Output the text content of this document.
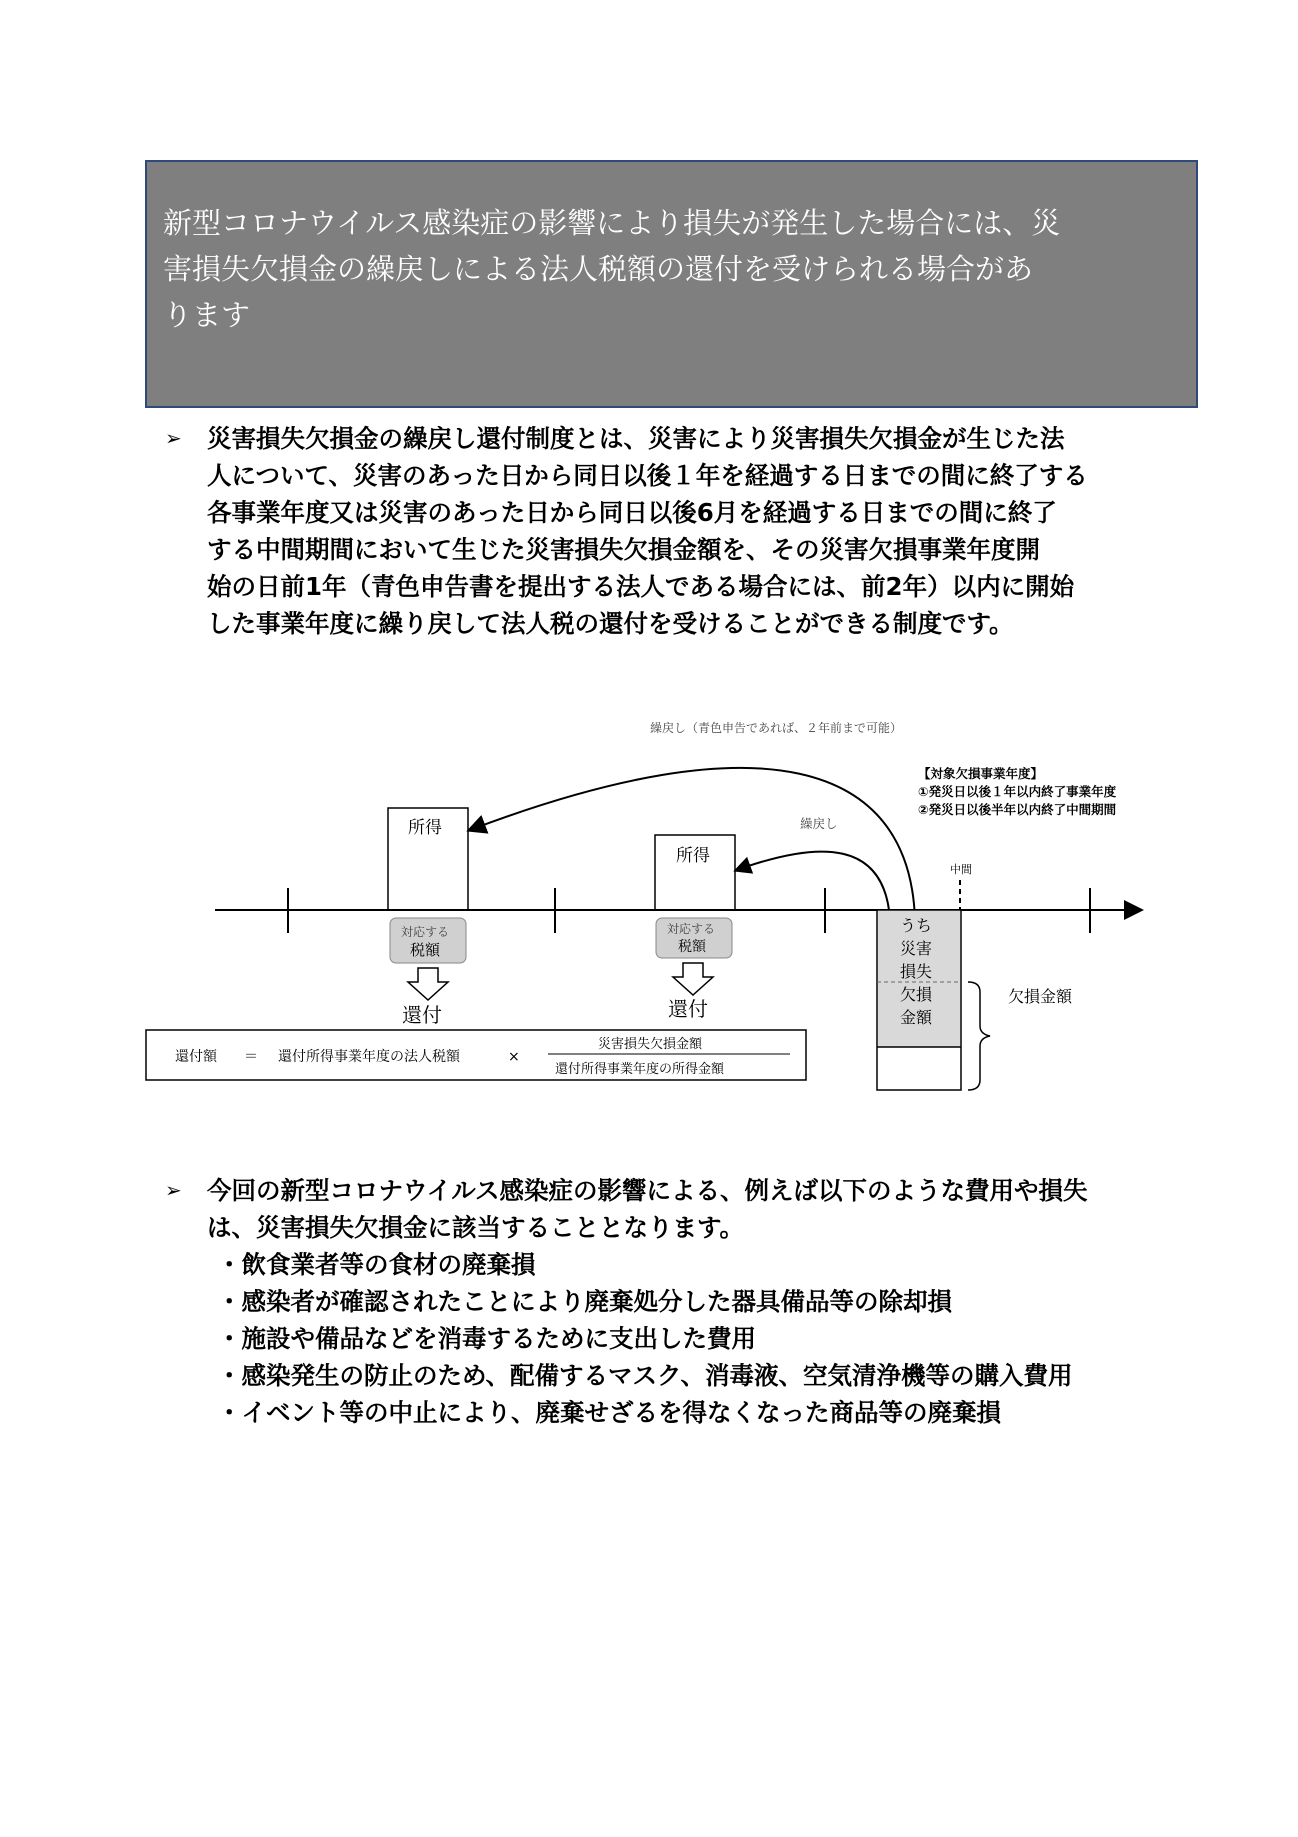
新型コロナウイルス感染症の影響により損失が発生した場合には、災
害損失欠損金の繰戻しによる法人税額の還付を受けられる場合があ
ります
➢ 災害損失欠損金の繰戻し還付制度とは、災害により災害損失欠損金が生じた法
人について、災害のあった日から同日以後１年を経過する日までの間に終了する
各事業年度又は災害のあった日から同日以後6月を経過する日までの間に終了
する中間期間において生じた災害損失欠損金額を、その災害欠損事業年度開
始の日前1年（青色申告書を提出する法人である場合には、前2年）以内に開始
した事業年度に繰り戻して法人税の還付を受けることができる制度です。
繰戻し（青色申告であれば、２年前まで可能）
【対象欠損事業年度】
①発災日以後１年以内終了事業年度
②発災日以後半年以内終了中間期間
繰戻し
中間
所得
所得
対応する
税額
対応する
税額
還付	還付
うち
災害
損失
欠損
金額
欠損金額
還付額 ＝ 還付所得事業年度の法人税額	×
災害損失欠損金額
還付所得事業年度の所得金額
➢ 今回の新型コロナウイルス感染症の影響による、例えば以下のような費用や損失
は、災害損失欠損金に該当することとなります。
・飲食業者等の食材の廃棄損
・感染者が確認されたことにより廃棄処分した器具備品等の除却損
・施設や備品などを消毒するために支出した費用
・感染発生の防止のため、配備するマスク、消毒液、空気清浄機等の購入費用
・イベント等の中止により、廃棄せざるを得なくなった商品等の廃棄損
